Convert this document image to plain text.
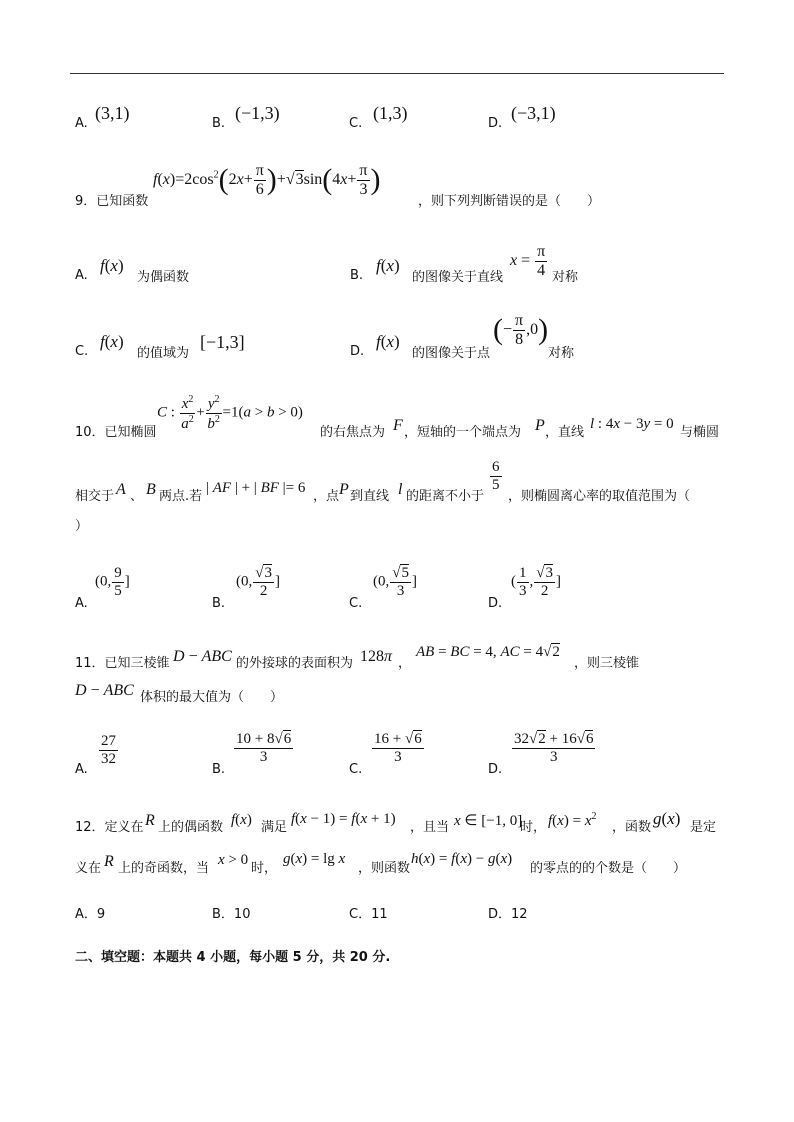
A.
(3,1)
B.
(−1,3)
C.
(1,3)
D.
(−3,1)
9．已知函数
$f(x)=2\cos^2(2x+ \frac{\pi}{6} )+√3\sin(4x+ \frac{\pi}{3}$ )
，则下列判断错误的是（　　）
A.
f(x)
为偶函数	B.
f(x)
的图像关于直线
$x = \frac{\pi}{4}$ 对称
C.
f(x)
的值域为
[−1,3]	D.
f(x)
的图像关于点
(− $\frac{\pi}{8} ,0$)
对称
10．已知椭圆
C : $\frac{x^2}{a^2} + \frac{y^2}{b^2} =1(a > b > 0)$
的右焦点为 F ，短轴的一个端点为 P ，直线
l : 4x − 3y = 0
与椭圆
相交于 A 、 B 两点.若
| AF | + | BF |= 6
，点 P 到直线 l 的距离不小于
$\frac{6}{5}$
，则椭圆离心率的取值范围为（
）
A.
(0, $\frac{9}{5}$ ]
B.
(0, $\frac{√3}{2}$ ]
C.
(0, $\frac{√5}{3}$ ]
D.
( $\frac{1}{3}$ , $\frac{√3}{2}$ ]
11．已知三棱锥 D − ABC 的外接球的表面积为 128π ，
AB = BC = 4, AC = 4√2
，则三棱锥
D − ABC 体积的最大值为（　　）
A.
$\frac{27}{32}$
B.
$\frac{10 + 8√6}{3}$
C.
$\frac{16 + √6}{3}$
D.
$\frac{32√2 + 16√6}{3}$
12．定义在 R 上的偶函数 f(x) 满足
f(x − 1) = f(x + 1)
，且当 x ∈ [−1, 0]
时， $f(x) = x^2$
，函数 g(x) 是定
义在 R 上的奇函数，当
x > 0
时，
g(x) = lg x
，则函数
h(x) = f(x) − g(x)
的零点的的个数是（　　）
A．9	B．10	C．11	D．12
二、填空题：本题共 4 小题，每小题 5 分，共 20 分.
